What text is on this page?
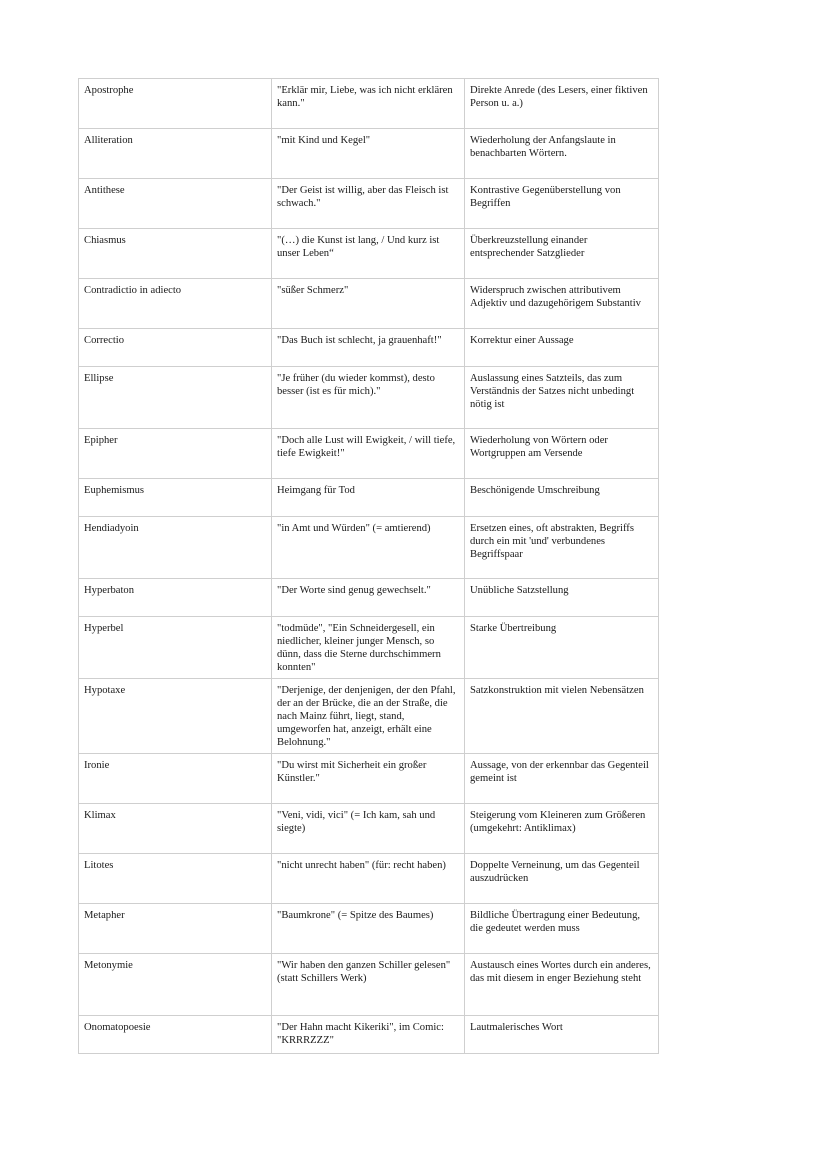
Apostrophe	"Erklär mir, Liebe, was ich nicht erklären kann."	Direkte Anrede (des Lesers, einer fiktiven Person u. a.)
Alliteration	"mit Kind und Kegel"	Wiederholung der Anfangslaute in benachbarten Wörtern.
Antithese	"Der Geist ist willig, aber das Fleisch ist schwach."	Kontrastive Gegenüberstellung von Begriffen
Chiasmus	"(…) die Kunst ist lang, / Und kurz ist unser Leben“	Überkreuzstellung einander entsprechender Satzglieder
Contradictio in adiecto	"süßer Schmerz"	Widerspruch zwischen attributivem Adjektiv und dazugehörigem Substantiv
Correctio	"Das Buch ist schlecht, ja grauenhaft!"	Korrektur einer Aussage
Ellipse	"Je früher (du wieder kommst), desto besser (ist es für mich)."	Auslassung eines Satzteils, das zum Verständnis der Satzes nicht unbedingt nötig ist
Epipher	"Doch alle Lust will Ewigkeit, / will tiefe, tiefe Ewigkeit!"	Wiederholung von Wörtern oder Wortgruppen am Versende
Euphemismus	Heimgang für Tod	Beschönigende Umschreibung
Hendiadyoin	"in Amt und Würden" (= amtierend)	Ersetzen eines, oft abstrakten, Begriffs durch ein mit 'und' verbundenes Begriffspaar
Hyperbaton	"Der Worte sind genug gewechselt."	Unübliche Satzstellung
Hyperbel	"todmüde", "Ein Schneidergesell, ein niedlicher, kleiner junger Mensch, so dünn, dass die Sterne durchschimmern konnten"	Starke Übertreibung
Hypotaxe	"Derjenige, der denjenigen, der den Pfahl, der an der Brücke, die an der Straße, die nach Mainz führt, liegt, stand, umgeworfen hat, anzeigt, erhält eine Belohnung."	Satzkonstruktion mit vielen Nebensätzen
Ironie	"Du wirst mit Sicherheit ein großer Künstler."	Aussage, von der erkennbar das Gegenteil gemeint ist
Klimax	"Veni, vidi, vici" (= Ich kam, sah und siegte)	Steigerung vom Kleineren zum Größeren (umgekehrt: Antiklimax)
Litotes	"nicht unrecht haben" (für: recht haben)	Doppelte Verneinung, um das Gegenteil auszudrücken
Metapher	"Baumkrone" (= Spitze des Baumes)	Bildliche Übertragung einer Bedeutung, die gedeutet werden muss
Metonymie	"Wir haben den ganzen Schiller gelesen" (statt Schillers Werk)	Austausch eines Wortes durch ein anderes, das mit diesem in enger Beziehung steht
Onomatopoesie	"Der Hahn macht Kikeriki", im Comic: "KRRRZZZ"	Lautmalerisches Wort
